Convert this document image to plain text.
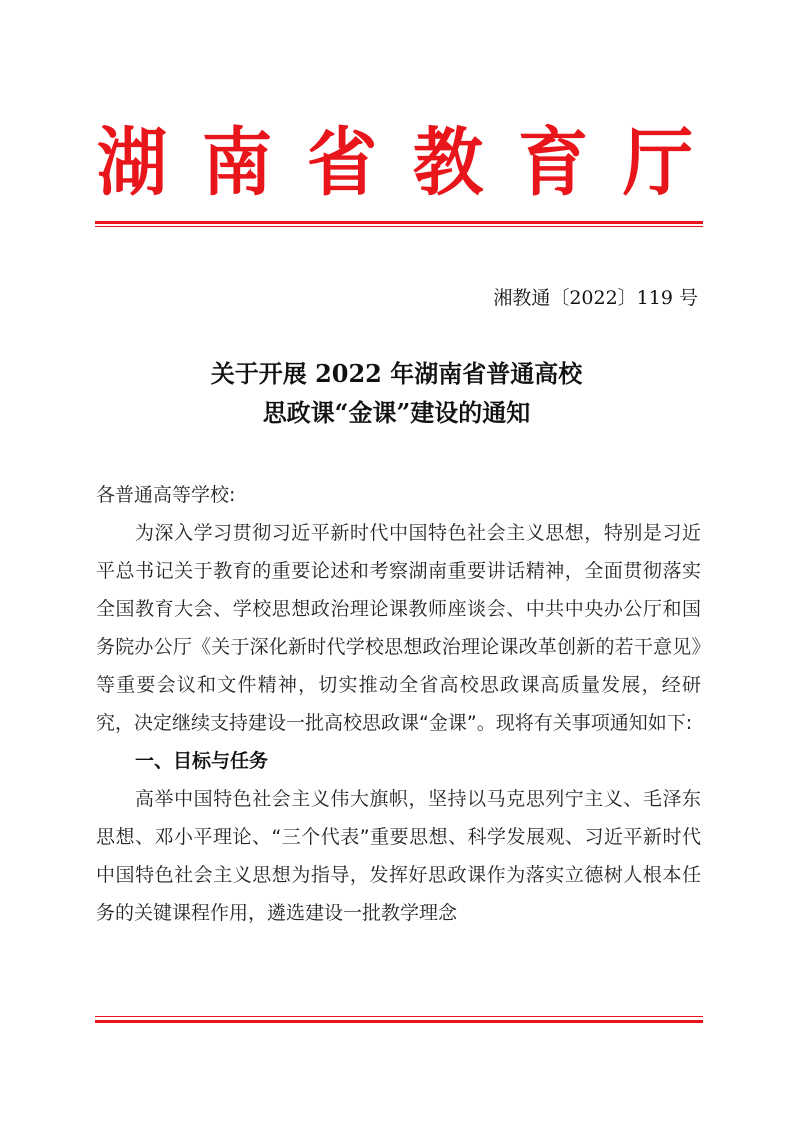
湖 南 省 教 育 厅
湘教通〔2022〕119 号
关于开展 2022 年湖南省普通高校
思政课“金课”建设的通知
各普通高等学校:

为深入学习贯彻习近平新时代中国特色社会主义思想，特别是习近平总书记关于教育的重要论述和考察湖南重要讲话精神，全面贯彻落实全国教育大会、学校思想政治理论课教师座谈会、中共中央办公厅和国务院办公厅《关于深化新时代学校思想政治理论课改革创新的若干意见》等重要会议和文件精神，切实推动全省高校思政课高质量发展，经研究，决定继续支持建设一批高校思政课“金课”。现将有关事项通知如下:

一、目标与任务

高举中国特色社会主义伟大旗帜，坚持以马克思列宁主义、毛泽东思想、邓小平理论、“三个代表”重要思想、科学发展观、习近平新时代中国特色社会主义思想为指导，发挥好思政课作为落实立德树人根本任务的关键课程作用，遴选建设一批教学理念
